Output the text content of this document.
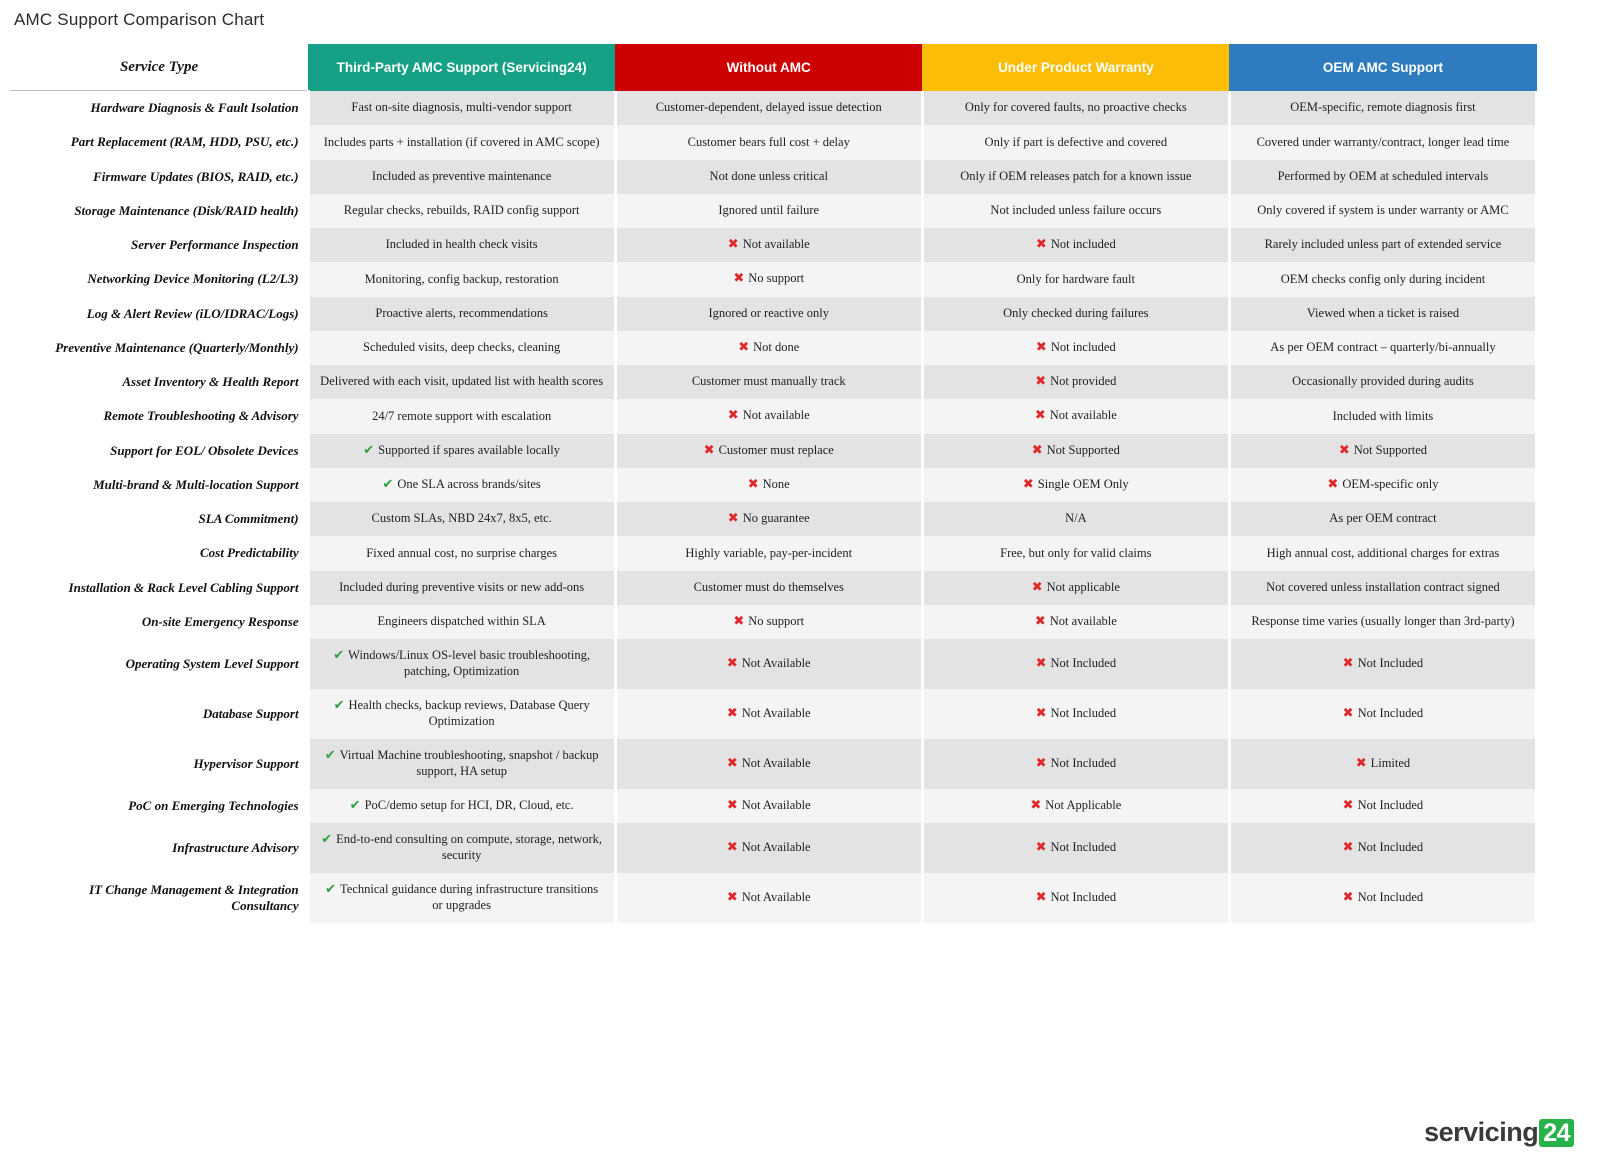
AMC Support Comparison Chart
Service Type	Third-Party AMC Support (Servicing24)	Without AMC	Under Product Warranty	OEM AMC Support
Hardware Diagnosis & Fault Isolation	Fast on-site diagnosis, multi-vendor support	Customer-dependent, delayed issue detection	Only for covered faults, no proactive checks	OEM-specific, remote diagnosis first
Part Replacement (RAM, HDD, PSU, etc.)	Includes parts + installation (if covered in AMC scope)	Customer bears full cost + delay	Only if part is defective and covered	Covered under warranty/contract, longer lead time
Firmware Updates (BIOS, RAID, etc.)	Included as preventive maintenance	Not done unless critical	Only if OEM releases patch for a known issue	Performed by OEM at scheduled intervals
Storage Maintenance (Disk/RAID health)	Regular checks, rebuilds, RAID config support	Ignored until failure	Not included unless failure occurs	Only covered if system is under warranty or AMC
Server Performance Inspection	Included in health check visits	✖ Not available	✖ Not included	Rarely included unless part of extended service
Networking Device Monitoring (L2/L3)	Monitoring, config backup, restoration	✖ No support	Only for hardware fault	OEM checks config only during incident
Log & Alert Review (iLO/IDRAC/Logs)	Proactive alerts, recommendations	Ignored or reactive only	Only checked during failures	Viewed when a ticket is raised
Preventive Maintenance (Quarterly/Monthly)	Scheduled visits, deep checks, cleaning	✖ Not done	✖ Not included	As per OEM contract – quarterly/bi-annually
Asset Inventory & Health Report	Delivered with each visit, updated list with health scores	Customer must manually track	✖ Not provided	Occasionally provided during audits
Remote Troubleshooting & Advisory	24/7 remote support with escalation	✖ Not available	✖ Not available	Included with limits
Support for EOL/ Obsolete Devices	✔ Supported if spares available locally	✖ Customer must replace	✖ Not Supported	✖ Not Supported
Multi-brand & Multi-location Support	✔ One SLA across brands/sites	✖ None	✖ Single OEM Only	✖ OEM-specific only
SLA Commitment)	Custom SLAs, NBD 24x7, 8x5, etc.	✖ No guarantee	N/A	As per OEM contract
Cost Predictability	Fixed annual cost, no surprise charges	Highly variable, pay-per-incident	Free, but only for valid claims	High annual cost, additional charges for extras
Installation & Rack Level Cabling Support	Included during preventive visits or new add-ons	Customer must do themselves	✖ Not applicable	Not covered unless installation contract signed
On-site Emergency Response	Engineers dispatched within SLA	✖ No support	✖ Not available	Response time varies (usually longer than 3rd-party)
Operating System Level Support	✔ Windows/Linux OS-level basic troubleshooting, patching, Optimization	✖ Not Available	✖ Not Included	✖ Not Included
Database Support	✔ Health checks, backup reviews, Database Query Optimization	✖ Not Available	✖ Not Included	✖ Not Included
Hypervisor Support	✔ Virtual Machine troubleshooting, snapshot / backup support, HA setup	✖ Not Available	✖ Not Included	✖ Limited
PoC on Emerging Technologies	✔ PoC/demo setup for HCI, DR, Cloud, etc.	✖ Not Available	✖ Not Applicable	✖ Not Included
Infrastructure Advisory	✔ End-to-end consulting on compute, storage, network, security	✖ Not Available	✖ Not Included	✖ Not Included
IT Change Management & Integration Consultancy	✔ Technical guidance during infrastructure transitions or upgrades	✖ Not Available	✖ Not Included	✖ Not Included
servicing 24
